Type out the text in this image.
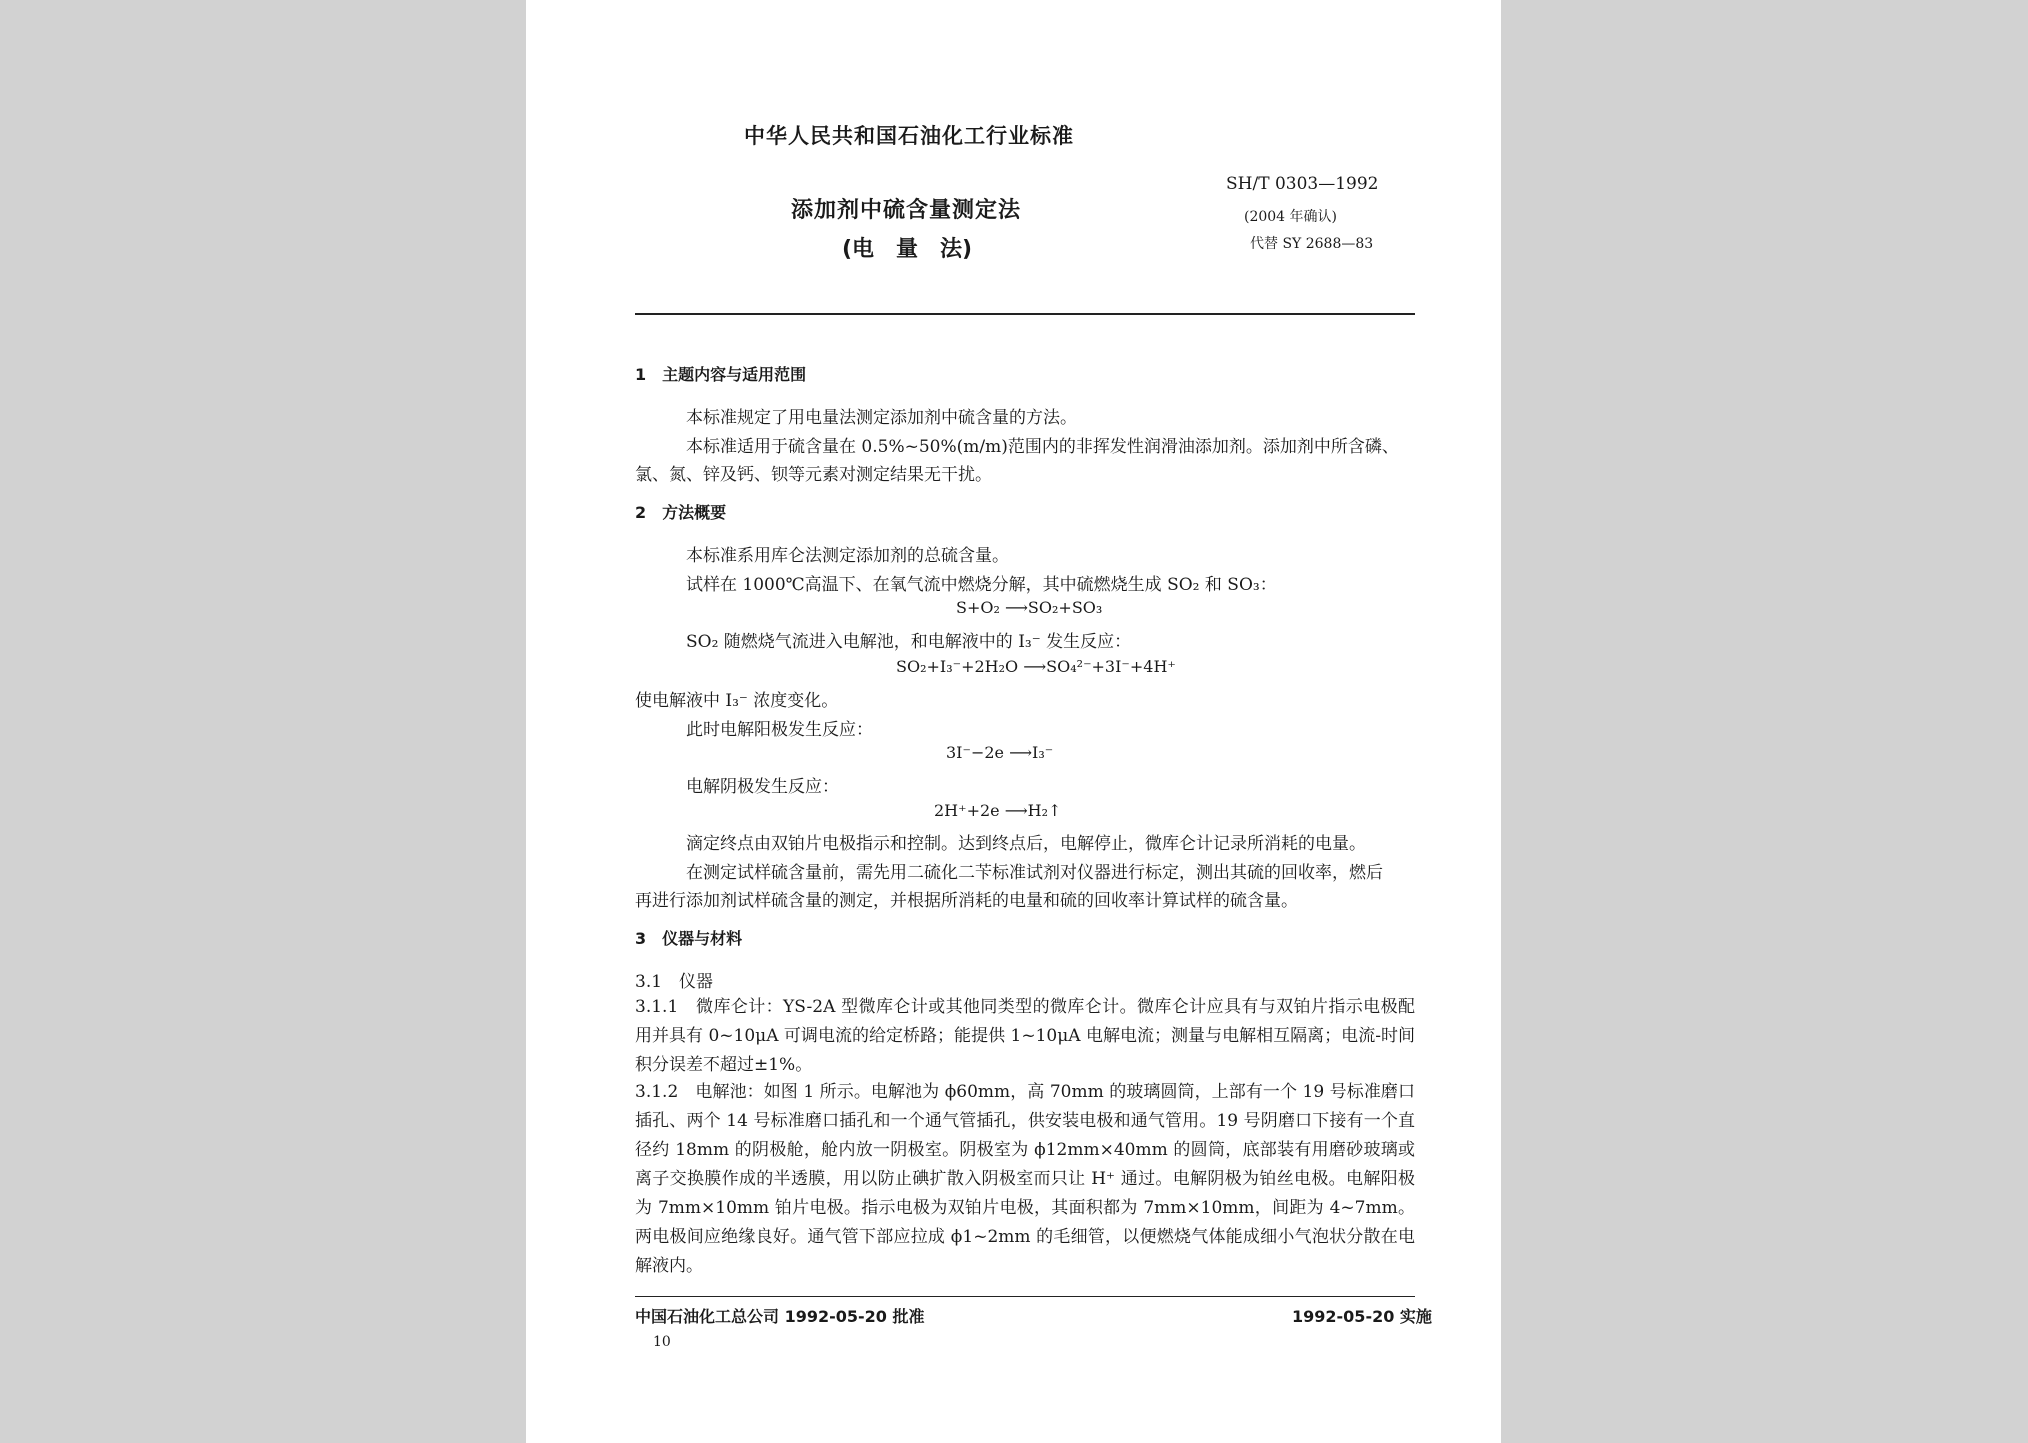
中华人民共和国石油化工行业标准
添加剂中硫含量测定法
(电　量　法)
SH/T 0303—1992
(2004 年确认)
代替 SY 2688—83
1　主题内容与适用范围
本标准规定了用电量法测定添加剂中硫含量的方法。
本标准适用于硫含量在 0.5%~50%(m/m)范围内的非挥发性润滑油添加剂。添加剂中所含磷、
氯、氮、锌及钙、钡等元素对测定结果无干扰。
2　方法概要
本标准系用库仑法测定添加剂的总硫含量。
试样在 1000℃高温下、在氧气流中燃烧分解，其中硫燃烧生成 SO₂ 和 SO₃：
S+O₂ ⟶SO₂+SO₃
SO₂ 随燃烧气流进入电解池，和电解液中的 I₃⁻ 发生反应：
SO₂+I₃⁻+2H₂O ⟶SO₄²⁻+3I⁻+4H⁺
使电解液中 I₃⁻ 浓度变化。
此时电解阳极发生反应：
3I⁻−2e ⟶I₃⁻
电解阴极发生反应：
2H⁺+2e ⟶H₂↑
滴定终点由双铂片电极指示和控制。达到终点后，电解停止，微库仑计记录所消耗的电量。
在测定试样硫含量前，需先用二硫化二苄标准试剂对仪器进行标定，测出其硫的回收率，燃后
再进行添加剂试样硫含量的测定，并根据所消耗的电量和硫的回收率计算试样的硫含量。
3　仪器与材料
3.1　仪器
3.1.1　微库仑计：YS-2A 型微库仑计或其他同类型的微库仑计。微库仑计应具有与双铂片指示电极配用并具有 0~10μA 可调电流的给定桥路；能提供 1~10μA 电解电流；测量与电解相互隔离；电流-时间积分误差不超过±1%。
3.1.2　电解池：如图 1 所示。电解池为 ϕ60mm，高 70mm 的玻璃圆筒，上部有一个 19 号标准磨口插孔、两个 14 号标准磨口插孔和一个通气管插孔，供安装电极和通气管用。19 号阴磨口下接有一个直径约 18mm 的阴极舱，舱内放一阴极室。阴极室为 ϕ12mm×40mm 的圆筒，底部装有用磨砂玻璃或离子交换膜作成的半透膜，用以防止碘扩散入阴极室而只让 H⁺ 通过。电解阴极为铂丝电极。电解阳极为 7mm×10mm 铂片电极。指示电极为双铂片电极，其面积都为 7mm×10mm，间距为 4~7mm。两电极间应绝缘良好。通气管下部应拉成 ϕ1~2mm 的毛细管，以便燃烧气体能成细小气泡状分散在电解液内。
中国石油化工总公司 1992-05-20 批准	1992-05-20 实施
10
